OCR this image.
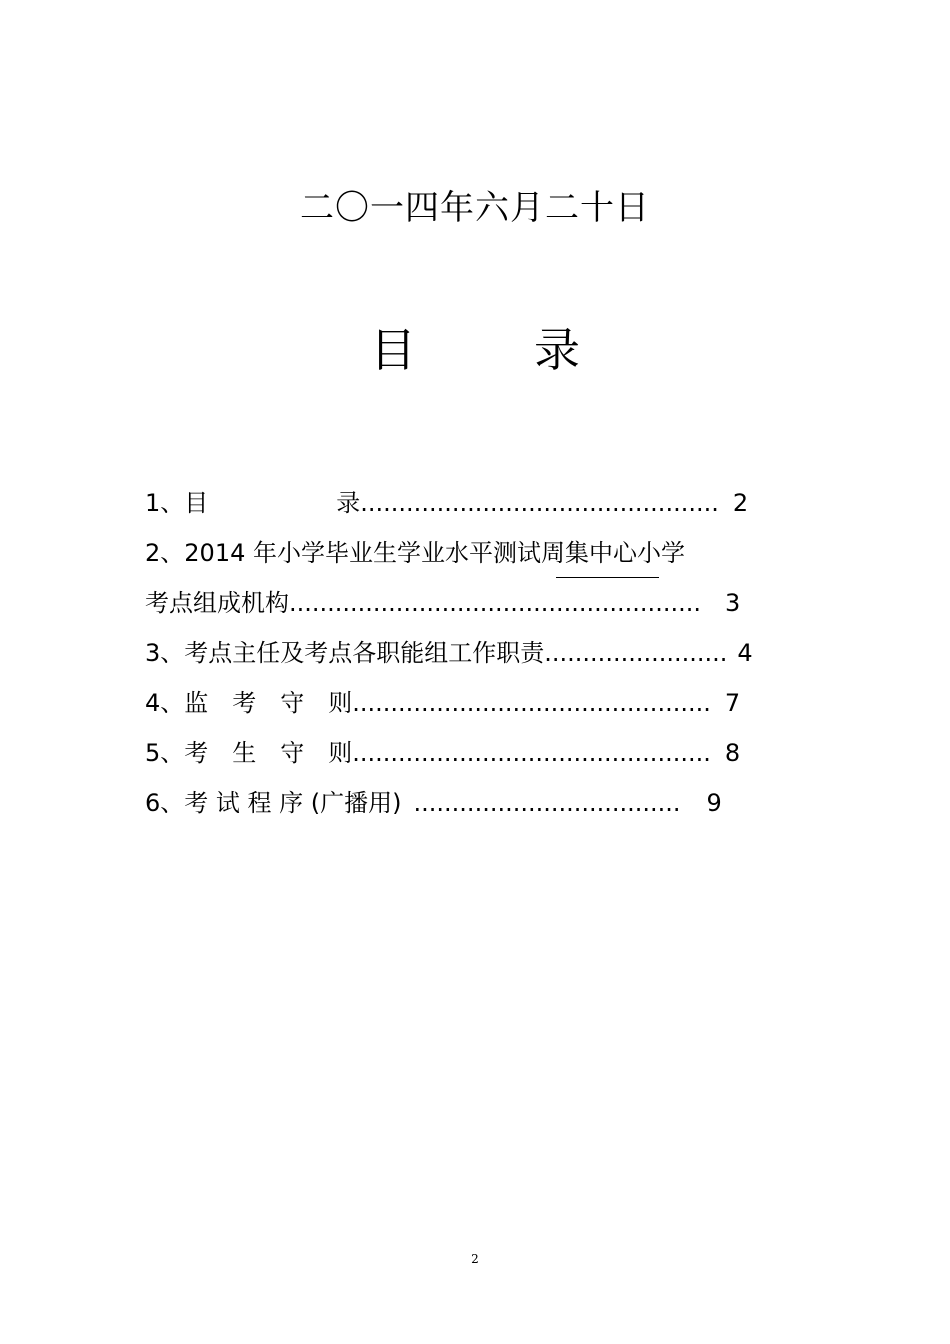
二〇一四年六月二十日
目	录
1、目	录............................................... 2
2、2014 年小学毕业生学业水平测试周集中心小学
考点组成机构...................................................... 3
3、考点主任及考点各职能组工作职责........................ 4
4、监　考　守　则............................................... 7
5、考　生　守　则............................................... 8
6、考 试 程 序 (广播用) ................................... 9
2
